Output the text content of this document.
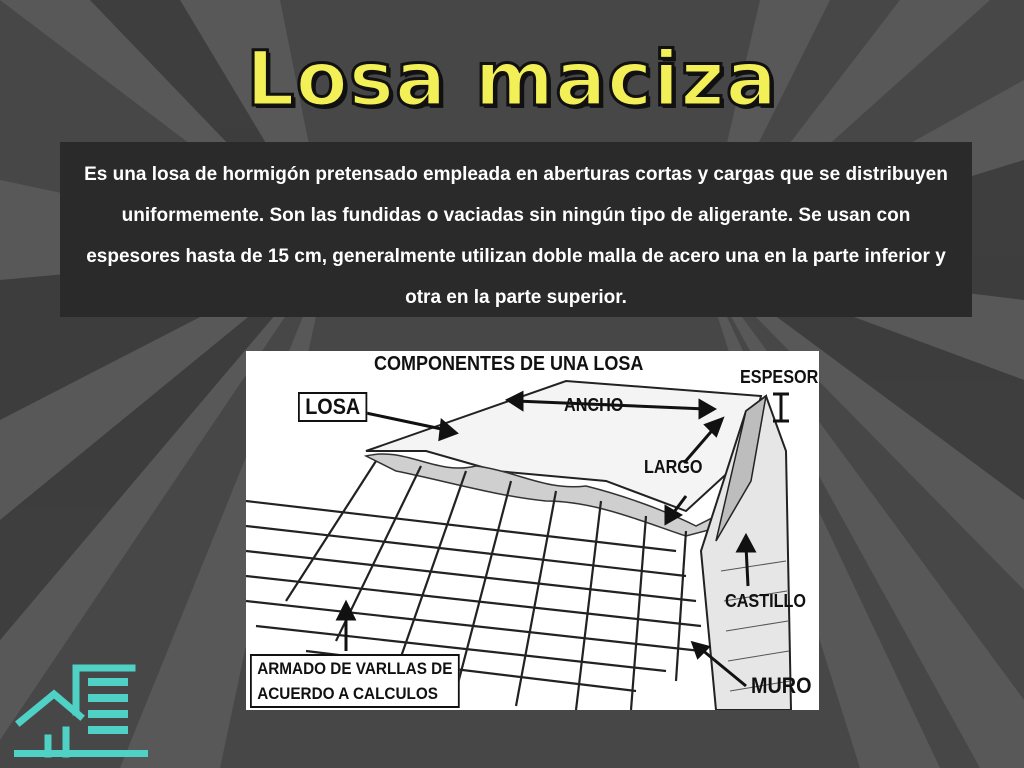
Losa maciza
Es una losa de hormigón pretensado empleada en aberturas cortas y cargas que se distribuyen uniformemente. Son las fundidas o vaciadas sin ningún tipo de aligerante. Se usan con espesores hasta de 15 cm, generalmente utilizan doble malla de acero una en la parte inferior y otra en la parte superior.
COMPONENTES DE UNA LOSA
LOSA	ANCHO
ESPESOR
LARGO
CASTILLO
MURO
ARMADO DE VARLLAS DE
ACUERDO A CALCULOS
